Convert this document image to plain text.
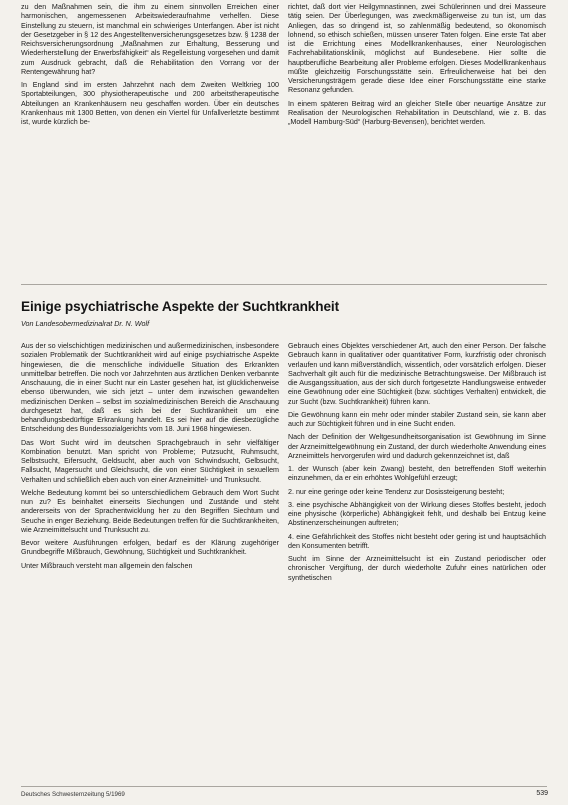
zu den Maßnahmen sein, die ihm zu einem sinnvollen Erreichen einer harmonischen, angemessenen Arbeitswiederaufnahme verhelfen. Diese Einstellung zu steuern, ist manchmal ein schwieriges Unterfangen. Aber ist nicht der Gesetzgeber in § 12 des Angestelltenversicherungsgesetzes bzw. § 1238 der Reichsversicherungsordnung „Maßnahmen zur Erhaltung, Besserung und Wiederherstellung der Erwerbsfähigkeit“ als Regelleistung vorgesehen und damit zum Ausdruck gebracht, daß die Rehabilitation den Vorrang vor der Rentengewährung hat?

In England sind im ersten Jahrzehnt nach dem Zweiten Weltkrieg 100 Sportabteilungen, 300 physiotherapeutische und 200 arbeitstherapeutische Abteilungen an Krankenhäusern neu geschaffen worden. Über ein deutsches Krankenhaus mit 1300 Betten, von denen ein Viertel für Unfallverletzte bestimmt ist, wurde kürzlich be-

richtet, daß dort vier Heilgymnastinnen, zwei Schülerinnen und drei Masseure tätig seien. Der Überlegungen, was zweckmäßigerweise zu tun ist, um das Anliegen, das so dringend ist, so zahlenmäßig bedeutend, so ökonomisch lohnend, so ethisch schießen, müssen unserer Taten folgen. Eine erste Tat aber ist die Errichtung eines Modellkrankenhauses, einer Neurologischen Fachrehabilitationsklinik, möglichst auf Bundesebene. Hier sollte die hauptberufliche Bearbeitung aller Probleme erfolgen. Dieses Modellkrankenhaus müßte gleichzeitig Forschungsstätte sein. Erfreulicherweise hat bei den Versicherungsträgern gerade diese Idee einer Forschungsstätte eine starke Resonanz gefunden.

In einem späteren Beitrag wird an gleicher Stelle über neuartige Ansätze zur Realisation der Neurologischen Rehabilitation in Deutschland, wie z. B. das „Modell Hamburg-Süd“ (Harburg-Bevensen), berichtet werden.

Einige psychiatrische Aspekte der Suchtkrankheit
Von Landesobermedizinalrat Dr. N. Wolf

Aus der so vielschichtigen medizinischen und außermedizinischen, insbesondere sozialen Problematik der Suchtkrankheit wird auf einige psychiatrische Aspekte hingewiesen, die die menschliche individuelle Situation des Erkrankten unmittelbar betreffen. Die noch vor Jahrzehnten aus ärztlichen Denken verbannte Anschauung, die in einer Sucht nur ein Laster gesehen hat, ist glücklicherweise ebenso überwunden, wie sich jetzt – unter dem inzwischen gewandelten medizinischen Denken – selbst im sozialmedizinischen Bereich die Anschauung durchgesetzt hat, daß es sich bei der Suchtkrankheit um eine behandlungsbedürftige Erkrankung handelt. Es sei hier auf die diesbezügliche Entscheidung des Bundessozialgerichts vom 18. Juni 1968 hingewiesen.

Das Wort Sucht wird im deutschen Sprachgebrauch in sehr vielfältiger Kombination benutzt. Man spricht von Probleme; Putzsucht, Ruhmsucht, Selbstsucht, Eifersucht, Geldsucht, aber auch von Schwindsucht, Gelbsucht, Fallsucht, Magersucht und Gleichsucht, die von einer Süchtigkeit in sexuellem Verhalten und schließlich eben auch von einer Arzneimittel- und Trunksucht.

Welche Bedeutung kommt bei so unterschiedlichem Gebrauch dem Wort Sucht nun zu? Es beinhaltet einerseits Siechungen und Zustände und steht andererseits von der Sprachentwicklung her zu den Begriffen Siechtum und Seuche in enger Beziehung. Beide Bedeutungen treffen für die Suchtkrankheiten, wie Arzneimittelsucht und Trunksucht zu.

Bevor weitere Ausführungen erfolgen, bedarf es der Klärung zugehöriger Grundbegriffe Mißbrauch, Gewöhnung, Süchtigkeit und Suchtkrankheit.

Unter Mißbrauch versteht man allgemein den falschen

Gebrauch eines Objektes verschiedener Art, auch den einer Person. Der falsche Gebrauch kann in qualitativer oder quantitativer Form, kurzfristig oder chronisch verlaufen und kann mißverständlich, wissentlich, oder vorsätzlich erfolgen. Dieser Sachverhalt gilt auch für die medizinische Betrachtungsweise. Der Mißbrauch ist die Ausgangssituation, aus der sich durch fortgesetzte Handlungsweise entweder eine Gewöhnung oder eine Süchtigkeit (bzw. süchtiges Verhalten) entwickelt, die zur Sucht (bzw. Suchtkrankheit) führen kann.

Die Gewöhnung kann ein mehr oder minder stabiler Zustand sein, sie kann aber auch zur Süchtigkeit führen und in eine Sucht enden.

Nach der Definition der Weltgesundheitsorganisation ist Gewöhnung im Sinne der Arzneimittelgewöhnung ein Zustand, der durch wiederholte Anwendung eines Arzneimittels hervorgerufen wird und dadurch gekennzeichnet ist, daß

1. der Wunsch (aber kein Zwang) besteht, den betreffenden Stoff weiterhin einzunehmen, da er ein erhöhtes Wohlgefühl erzeugt;

2. nur eine geringe oder keine Tendenz zur Dosissteigerung besteht;

3. eine psychische Abhängigkeit von der Wirkung dieses Stoffes besteht, jedoch eine physische (körperliche) Abhängigkeit fehlt, und deshalb bei Entzug keine Abstinenzerscheinungen auftreten;

4. eine Gefährlichkeit des Stoffes nicht besteht oder gering ist und hauptsächlich den Konsumenten betrifft.

Sucht im Sinne der Arzneimittelsucht ist ein Zustand periodischer oder chronischer Vergiftung, der durch wiederholte Zufuhr eines natürlichen oder synthetischen

Deutsches Schwesternzeitung 5/1969	539
